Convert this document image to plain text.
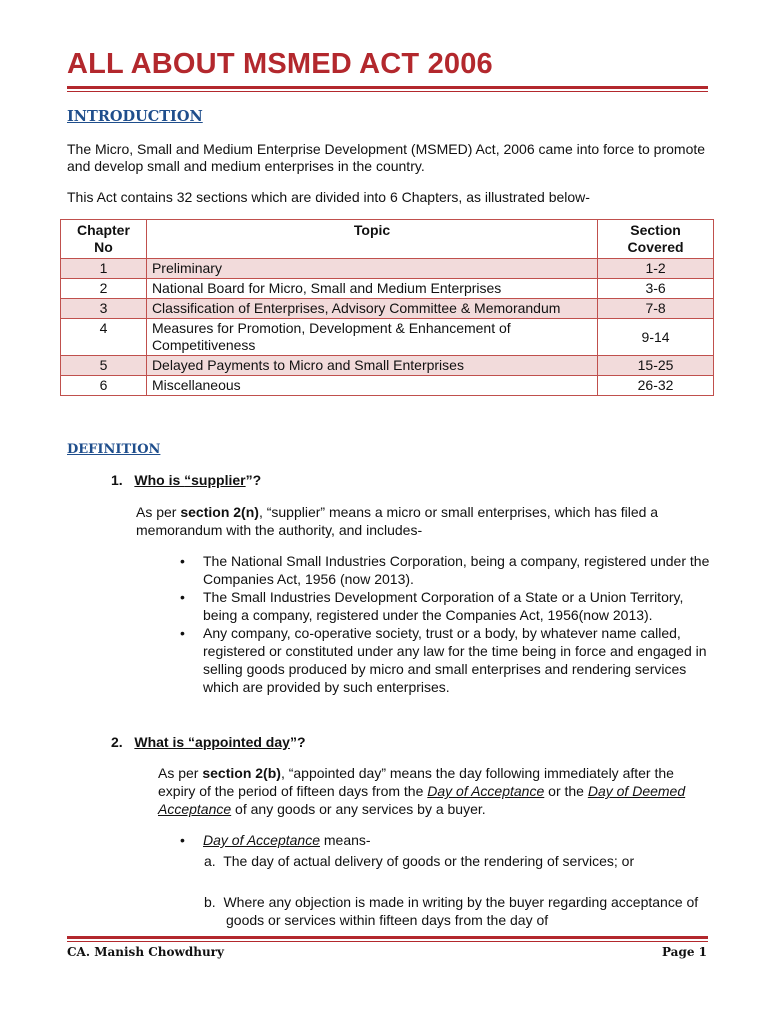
ALL ABOUT MSMED ACT 2006
INTRODUCTION
The Micro, Small and Medium Enterprise Development (MSMED) Act, 2006 came into force to promote and develop small and medium enterprises in the country.
This Act contains 32 sections which are divided into 6 Chapters, as illustrated below-
Chapter No	Topic	Section Covered
1	Preliminary	1-2
2	National Board for Micro, Small and Medium Enterprises	3-6
3	Classification of Enterprises, Advisory Committee & Memorandum	7-8
4	Measures for Promotion, Development & Enhancement of Competitiveness	9-14
5	Delayed Payments to Micro and Small Enterprises	15-25
6	Miscellaneous	26-32
DEFINITION
1. Who is “supplier”?
As per section 2(n), “supplier” means a micro or small enterprises, which has filed a memorandum with the authority, and includes-
• The National Small Industries Corporation, being a company, registered under the Companies Act, 1956 (now 2013).
• The Small Industries Development Corporation of a State or a Union Territory, being a company, registered under the Companies Act, 1956(now 2013).
• Any company, co-operative society, trust or a body, by whatever name called, registered or constituted under any law for the time being in force and engaged in selling goods produced by micro and small enterprises and rendering services which are provided by such enterprises.
2. What is “appointed day”?
As per section 2(b), “appointed day” means the day following immediately after the expiry of the period of fifteen days from the Day of Acceptance or the Day of Deemed Acceptance of any goods or any services by a buyer.
• Day of Acceptance means-
a. The day of actual delivery of goods or the rendering of services; or
b. Where any objection is made in writing by the buyer regarding acceptance of goods or services within fifteen days from the day of
CA. Manish Chowdhury	Page 1
